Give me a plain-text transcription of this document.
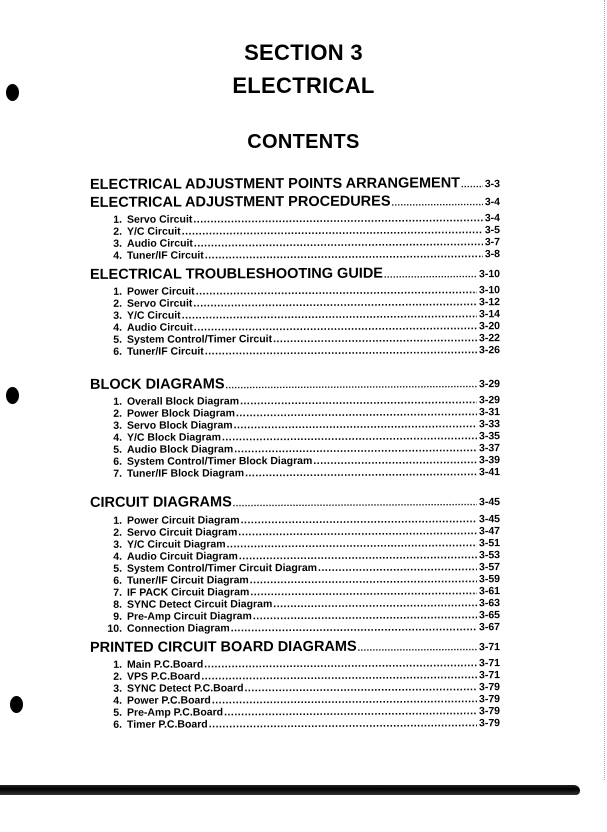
SECTION 3
ELECTRICAL
CONTENTS
ELECTRICAL ADJUSTMENT POINTS ARRANGEMENT ..... 3-3
ELECTRICAL ADJUSTMENT PROCEDURES .....	3-4
1. Servo Circuit .....	3-4
2. Y/C Circuit .....	3-5
3. Audio Circuit .....	3-7
4. Tuner/IF Circuit .....	3-8
ELECTRICAL TROUBLESHOOTING GUIDE .....	3-10
1. Power Circuit .....	3-10
2. Servo Circuit .....	3-12
3. Y/C Circuit .....	3-14
4. Audio Circuit .....	3-20
5. System Control/Timer Circuit .....	3-22
6. Tuner/IF Circuit .....	3-26
BLOCK DIAGRAMS .....	3-29
1. Overall Block Diagram .....	3-29
2. Power Block Diagram .....	3-31
3. Servo Block Diagram .....	3-33
4. Y/C Block Diagram .....	3-35
5. Audio Block Diagram .....	3-37
6. System Control/Timer Block Diagram .....	3-39
7. Tuner/IF Block Diagram .....	3-41
CIRCUIT DIAGRAMS .....	3-45
1. Power Circuit Diagram .....	3-45
2. Servo Circuit Diagram .....	3-47
3. Y/C Circuit Diagram .....	3-51
4. Audio Circuit Diagram .....	3-53
5. System Control/Timer Circuit Diagram .....	3-57
6. Tuner/IF Circuit Diagram .....	3-59
7. IF PACK Circuit Diagram .....	3-61
8. SYNC Detect Circuit Diagram .....	3-63
9. Pre-Amp Circuit Diagram .....	3-65
10. Connection Diagram .....	3-67
PRINTED CIRCUIT BOARD DIAGRAMS .....	3-71
1. Main P.C.Board .....	3-71
2. VPS P.C.Board .....	3-71
3. SYNC Detect P.C.Board .....	3-79
4. Power P.C.Board .....	3-79
5. Pre-Amp P.C.Board .....	3-79
6. Timer P.C.Board .....	3-79
